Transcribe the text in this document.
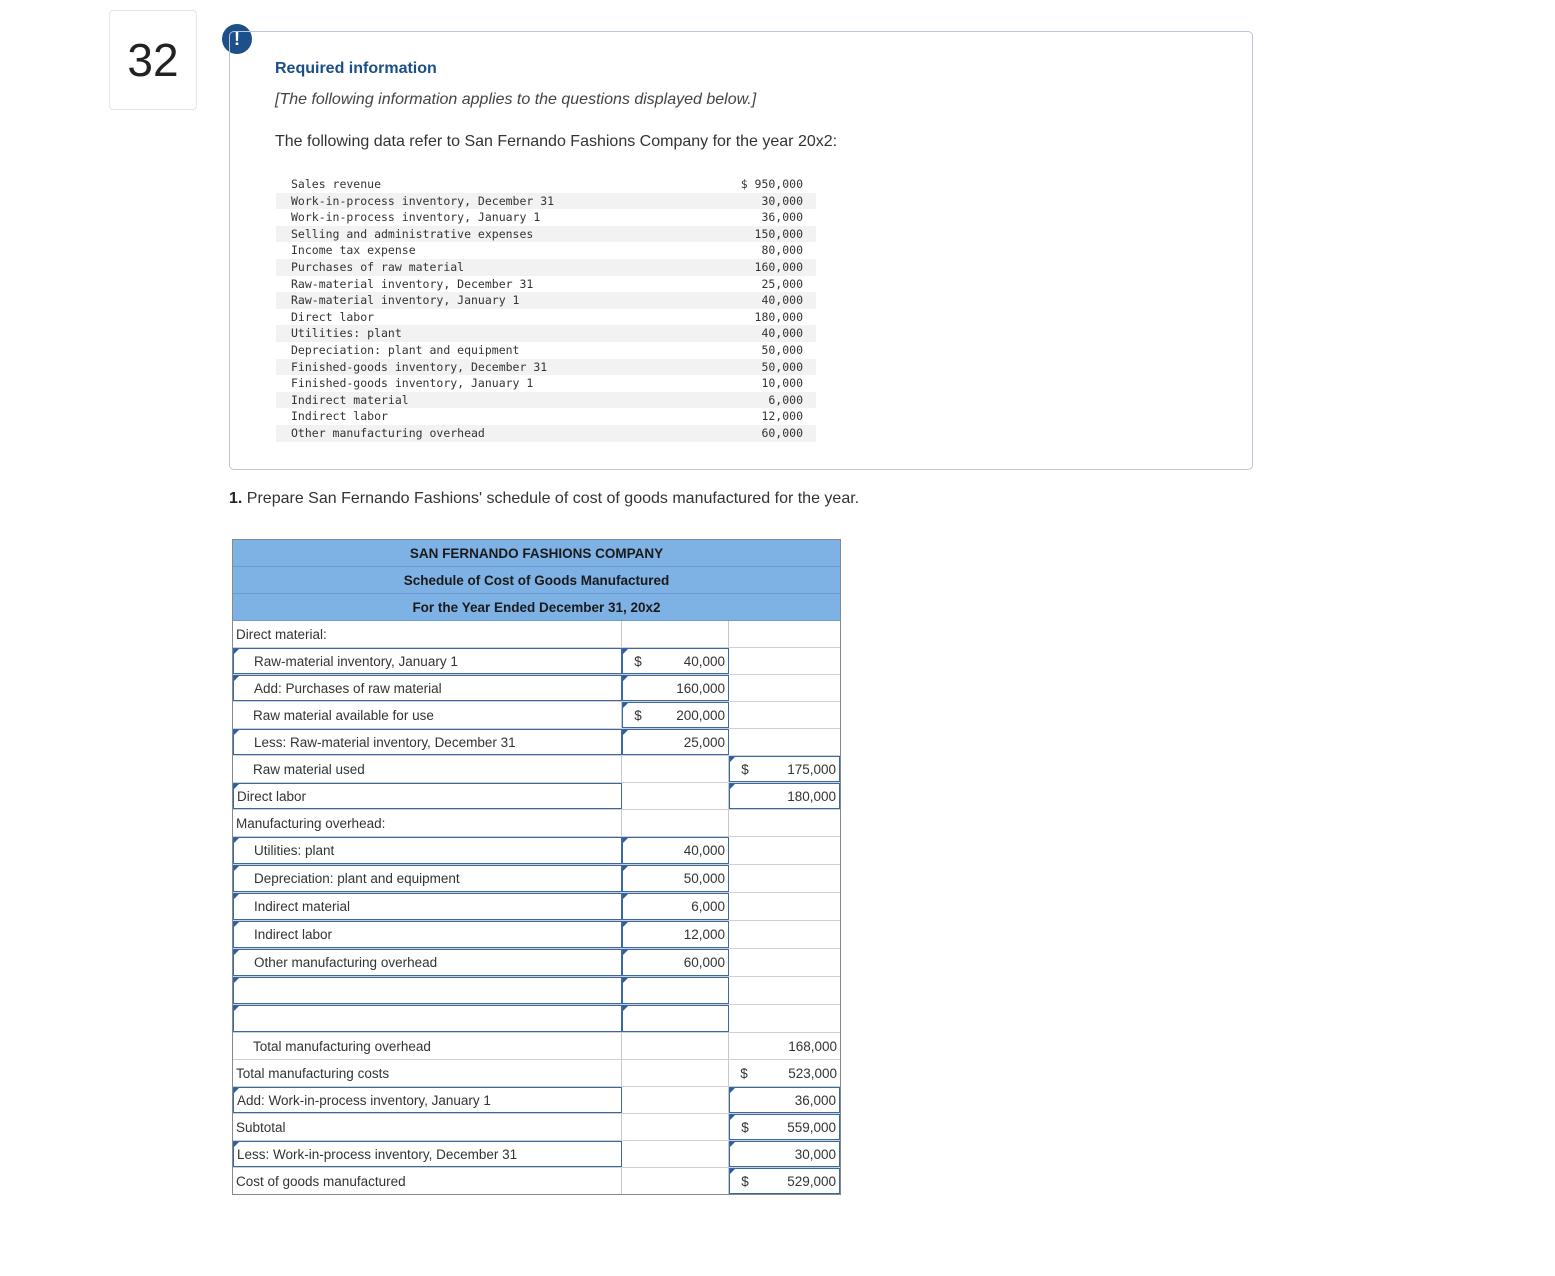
32	!
Required information
[The following information applies to the questions displayed below.]
The following data refer to San Fernando Fashions Company for the year 20x2:
Sales revenue	$ 950,000
Work-in-process inventory, December 31	30,000
Work-in-process inventory, January 1	36,000
Selling and administrative expenses	150,000
Income tax expense	80,000
Purchases of raw material	160,000
Raw-material inventory, December 31	25,000
Raw-material inventory, January 1	40,000
Direct labor	180,000
Utilities: plant	40,000
Depreciation: plant and equipment	50,000
Finished-goods inventory, December 31	50,000
Finished-goods inventory, January 1	10,000
Indirect material	6,000
Indirect labor	12,000
Other manufacturing overhead	60,000
1. Prepare San Fernando Fashions' schedule of cost of goods manufactured for the year.
SAN FERNANDO FASHIONS COMPANY
Schedule of Cost of Goods Manufactured
For the Year Ended December 31, 20x2
Direct material:
Raw-material inventory, January 1	$	40,000
Add: Purchases of raw material	160,000
Raw material available for use	$	200,000
Less: Raw-material inventory, December 31	25,000
Raw material used	$	175,000
Direct labor	180,000
Manufacturing overhead:
Utilities: plant	40,000
Depreciation: plant and equipment	50,000
Indirect material	6,000
Indirect labor	12,000
Other manufacturing overhead	60,000
Total manufacturing overhead	168,000
Total manufacturing costs	$	523,000
Add: Work-in-process inventory, January 1	36,000
Subtotal	$	559,000
Less: Work-in-process inventory, December 31	30,000
Cost of goods manufactured	$	529,000
